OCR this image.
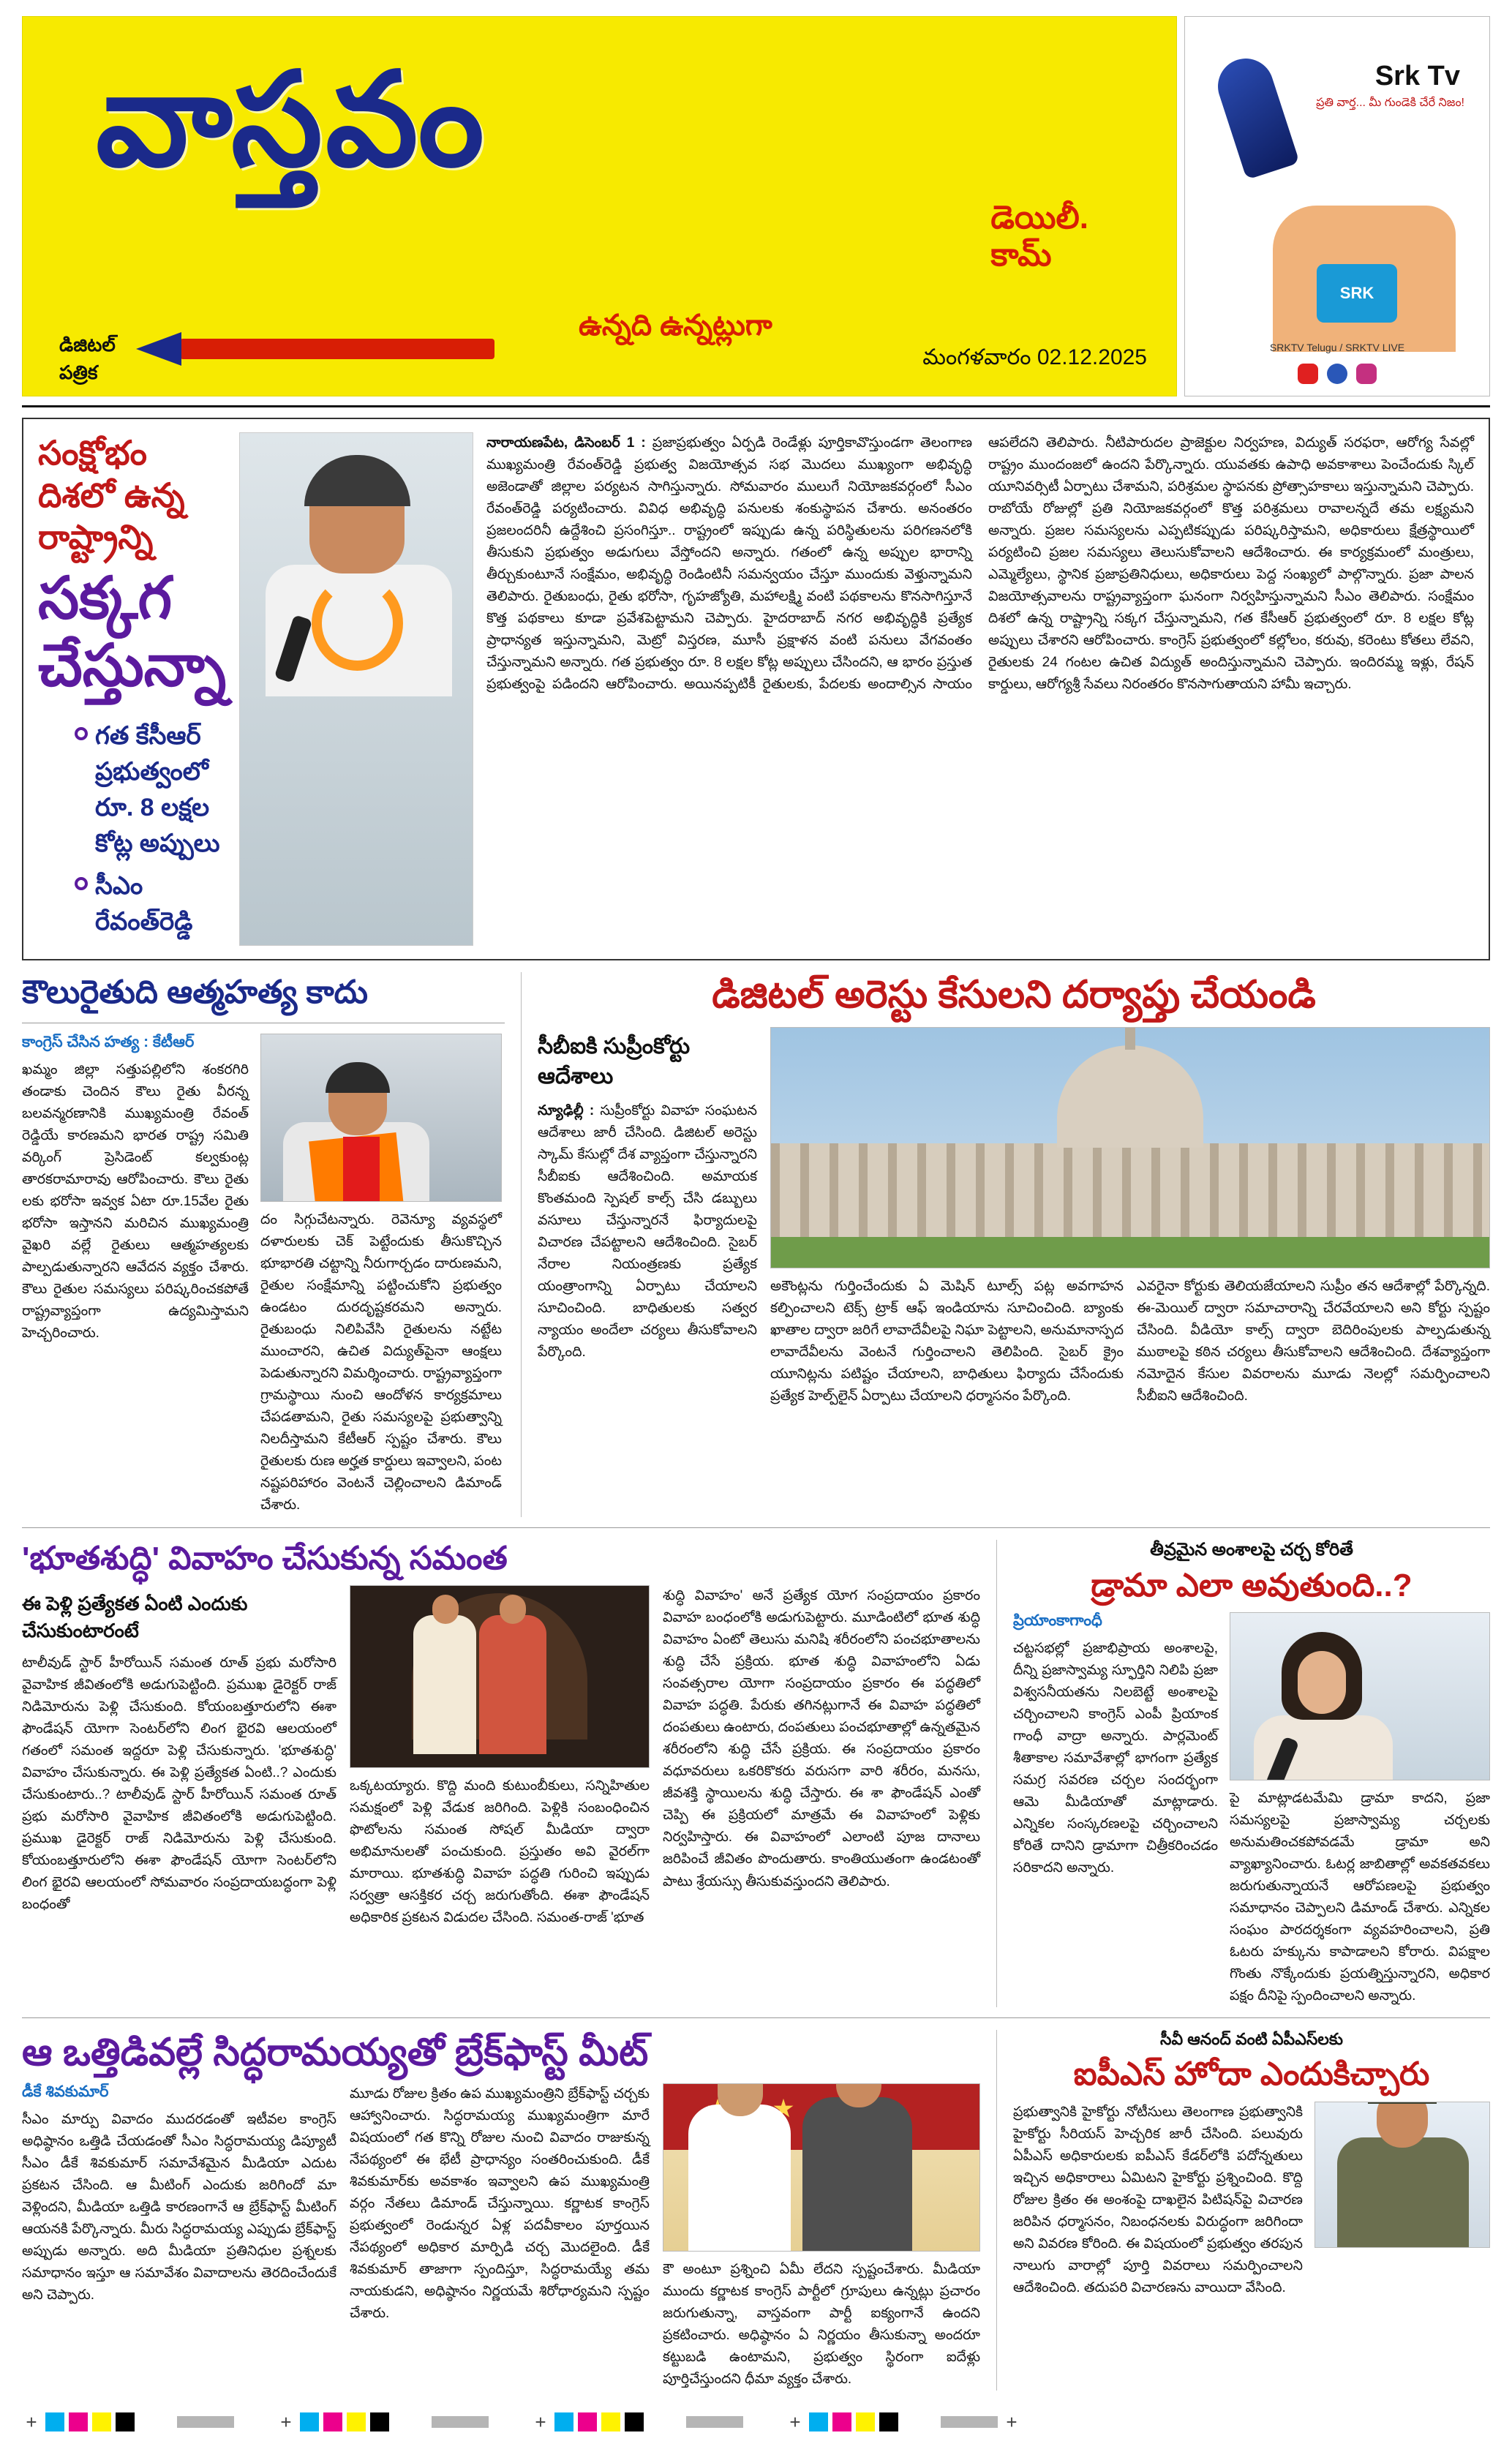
వాస్తవం
డెయిలీ.
కామ్
ఉన్నది ఉన్నట్లుగా
డిజిటల్
పత్రిక
మంగళవారం 02.12.2025
SRK
Srk Tv
ప్రతి వార్త... మీ గుండెకి చేరే నిజం!
SRKTV Telugu / SRKTV LIVE
సంక్షోభం దిశలో ఉన్న రాష్ట్రాన్ని
సక్కగ చేస్తున్నా
గత కేసీఆర్ ప్రభుత్వంలో రూ. 8 లక్షల కోట్ల అప్పులు
సీఎం రేవంత్‌రెడ్డి

నారాయణపేట, డిసెంబర్ 1 : ప్రజాప్రభుత్వం ఏర్పడి రెండేళ్లు పూర్తికావొస్తుండగా తెలంగాణ ముఖ్యమంత్రి రేవంత్‌రెడ్డి ప్రభుత్వ విజయోత్సవ సభ మొదలు ముఖ్యంగా అభివృద్ధి అజెండాతో జిల్లాల పర్యటన సాగిస్తున్నారు. సోమవారం ములుగే నియోజకవర్గంలో సీఎం రేవంత్‌రెడ్డి పర్యటించారు. వివిధ అభివృద్ధి పనులకు శంకుస్థాపన చేశారు. అనంతరం ప్రజలందరినీ ఉద్దేశించి ప్రసంగిస్తూ.. రాష్ట్రంలో ఇప్పుడు ఉన్న పరిస్థితులను పరిగణనలోకి తీసుకుని ప్రభుత్వం అడుగులు వేస్తోందని అన్నారు. గతంలో ఉన్న అప్పుల భారాన్ని తీర్చుకుంటూనే సంక్షేమం, అభివృద్ధి రెండింటినీ సమన్వయం చేస్తూ ముందుకు వెళ్తున్నామని తెలిపారు. రైతుబంధు, రైతు భరోసా, గృహజ్యోతి, మహాలక్ష్మి వంటి పథకాలను కొనసాగిస్తూనే కొత్త పథకాలు కూడా ప్రవేశపెట్టామని చెప్పారు. హైదరాబాద్ నగర అభివృద్ధికి ప్రత్యేక ప్రాధాన్యత ఇస్తున్నామని, మెట్రో విస్తరణ, మూసీ ప్రక్షాళన వంటి పనులు వేగవంతం చేస్తున్నామని అన్నారు. గత ప్రభుత్వం రూ. 8 లక్షల కోట్ల అప్పులు చేసిందని, ఆ భారం ప్రస్తుత ప్రభుత్వంపై పడిందని ఆరోపించారు. అయినప్పటికీ రైతులకు, పేదలకు అందాల్సిన సాయం ఆపలేదని తెలిపారు. నీటిపారుదల ప్రాజెక్టుల నిర్వహణ, విద్యుత్ సరఫరా, ఆరోగ్య సేవల్లో రాష్ట్రం ముందంజలో ఉందని పేర్కొన్నారు. యువతకు ఉపాధి అవకాశాలు పెంచేందుకు స్కిల్ యూనివర్సిటీ ఏర్పాటు చేశామని, పరిశ్రమల స్థాపనకు ప్రోత్సాహకాలు ఇస్తున్నామని చెప్పారు. రాబోయే రోజుల్లో ప్రతి నియోజకవర్గంలో కొత్త పరిశ్రమలు రావాలన్నదే తమ లక్ష్యమని అన్నారు. ప్రజల సమస్యలను ఎప్పటికప్పుడు పరిష్కరిస్తామని, అధికారులు క్షేత్రస్థాయిలో పర్యటించి ప్రజల సమస్యలు తెలుసుకోవాలని ఆదేశించారు. ఈ కార్యక్రమంలో మంత్రులు, ఎమ్మెల్యేలు, స్థానిక ప్రజాప్రతినిధులు, అధికారులు పెద్ద సంఖ్యలో పాల్గొన్నారు. ప్రజా పాలన విజయోత్సవాలను రాష్ట్రవ్యాప్తంగా ఘనంగా నిర్వహిస్తున్నామని సీఎం తెలిపారు. సంక్షేమం దిశలో ఉన్న రాష్ట్రాన్ని సక్కగ చేస్తున్నామని, గత కేసీఆర్ ప్రభుత్వంలో రూ. 8 లక్షల కోట్ల అప్పులు చేశారని ఆరోపించారు. కాంగ్రెస్ ప్రభుత్వంలో కల్లోలం, కరువు, కరెంటు కోతలు లేవని, రైతులకు 24 గంటల ఉచిత విద్యుత్ అందిస్తున్నామని చెప్పారు. ఇందిరమ్మ ఇళ్లు, రేషన్ కార్డులు, ఆరోగ్యశ్రీ సేవలు నిరంతరం కొనసాగుతాయని హామీ ఇచ్చారు.

కౌలురైతుది ఆత్మహత్య కాదు
కాంగ్రెస్ చేసిన హత్య : కేటీఆర్

ఖమ్మం జిల్లా సత్తుపల్లిలోని శంకరగిరి తండాకు చెందిన కౌలు రైతు వీరన్న బలవన్మరణానికి ముఖ్యమంత్రి రేవంత్ రెడ్డియే కారణమని భారత రాష్ట్ర సమితి వర్కింగ్ ప్రెసిడెంట్ కల్వకుంట్ల తారకరామారావు ఆరోపించారు. కౌలు రైతు లకు భరోసా ఇవ్వక ఏటా రూ.15వేల రైతు భరోసా ఇస్తానని మరిచిన ముఖ్యమంత్రి వైఖరి వల్లే రైతులు ఆత్మహత్యలకు పాల్పడుతున్నారని ఆవేదన వ్యక్తం చేశారు. కౌలు రైతుల సమస్యలు పరిష్కరించకపోతే రాష్ట్రవ్యాప్తంగా ఉద్యమిస్తామని హెచ్చరించారు.

దం సిగ్గుచేటన్నారు. రెవెన్యూ వ్యవస్థలో దళారులకు చెక్ పెట్టేందుకు తీసుకొచ్చిన భూభారతి చట్టాన్ని నీరుగార్చడం దారుణమని, రైతుల సంక్షేమాన్ని పట్టించుకోని ప్రభుత్వం ఉండటం దురదృష్టకరమని అన్నారు. రైతుబంధు నిలిపివేసి రైతులను నట్టేట ముంచారని, ఉచిత విద్యుత్‌పైనా ఆంక్షలు పెడుతున్నారని విమర్శించారు. రాష్ట్రవ్యాప్తంగా గ్రామస్థాయి నుంచి ఆందోళన కార్యక్రమాలు చేపడతామని, రైతు సమస్యలపై ప్రభుత్వాన్ని నిలదీస్తామని కేటీఆర్ స్పష్టం చేశారు. కౌలు రైతులకు రుణ అర్హత కార్డులు ఇవ్వాలని, పంట నష్టపరిహారం వెంటనే చెల్లించాలని డిమాండ్ చేశారు.

డిజిటల్ అరెస్టు కేసులని దర్యాప్తు చేయండి
సీబీఐకి సుప్రీంకోర్టు ఆదేశాలు

న్యూఢిల్లీ : సుప్రీంకోర్టు వివాహ సంఘటన ఆదేశాలు జారీ చేసింది. డిజిటల్ అరెస్టు స్కామ్ కేసుల్లో దేశ వ్యాప్తంగా చేస్తున్నారని సీబీఐకు ఆదేశించింది. అమాయక కొంతమంది స్పెషల్ కాల్స్ చేసి డబ్బులు వసూలు చేస్తున్నారనే ఫిర్యాదులపై విచారణ చేపట్టాలని ఆదేశించింది. సైబర్ నేరాల నియంత్రణకు ప్రత్యేక యంత్రాంగాన్ని ఏర్పాటు చేయాలని సూచించింది. బాధితులకు సత్వర న్యాయం అందేలా చర్యలు తీసుకోవాలని పేర్కొంది.

అకౌంట్లను గుర్తించేందుకు ఏ మెషిన్ టూల్స్ పట్ల అవగాహన కల్పించాలని టెక్స్ ట్రాక్ ఆఫ్ ఇండియాను సూచించింది. బ్యాంకు ఖాతాల ద్వారా జరిగే లావాదేవీలపై నిఘా పెట్టాలని, అనుమానాస్పద లావాదేవీలను వెంటనే గుర్తించాలని తెలిపింది. సైబర్ క్రైం యూనిట్లను పటిష్టం చేయాలని, బాధితులు ఫిర్యాదు చేసేందుకు ప్రత్యేక హెల్ప్‌లైన్ ఏర్పాటు చేయాలని ధర్మాసనం పేర్కొంది.

ఎవరైనా కోర్టుకు తెలియజేయాలని సుప్రీం తన ఆదేశాల్లో పేర్కొన్నది. ఈ-మెయిల్ ద్వారా సమాచారాన్ని చేరవేయాలని అని కోర్టు స్పష్టం చేసింది. వీడియో కాల్స్ ద్వారా బెదిరింపులకు పాల్పడుతున్న ముఠాలపై కఠిన చర్యలు తీసుకోవాలని ఆదేశించింది. దేశవ్యాప్తంగా నమోదైన కేసుల వివరాలను మూడు నెలల్లో సమర్పించాలని సీబీఐని ఆదేశించింది.

'భూతశుద్ధి' వివాహం చేసుకున్న సమంత
ఈ పెళ్లి ప్రత్యేకత ఏంటి ఎందుకు చేసుకుంటారంటే

టాలీవుడ్ స్టార్ హీరోయిన్ సమంత రూత్ ప్రభు మరోసారి వైవాహిక జీవితంలోకి అడుగుపెట్టింది. ప్రముఖ డైరెక్టర్ రాజ్ నిడిమోరును పెళ్లి చేసుకుంది. కోయంబత్తూరులోని ఈశా ఫౌండేషన్ యోగా సెంటర్‌లోని లింగ భైరవి ఆలయంలో గతంలో సమంత ఇద్దరూ పెళ్లి చేసుకున్నారు. 'భూతశుద్ధి' వివాహం చేసుకున్నారు. ఈ పెళ్లి ప్రత్యేకత ఏంటి..? ఎందుకు చేసుకుంటారు..? టాలీవుడ్ స్టార్ హీరోయిన్ సమంత రూత్ ప్రభు మరోసారి వైవాహిక జీవితంలోకి అడుగుపెట్టింది. ప్రముఖ డైరెక్టర్ రాజ్ నిడిమోరును పెళ్లి చేసుకుంది. కోయంబత్తూరులోని ఈశా ఫౌండేషన్ యోగా సెంటర్‌లోని లింగ భైరవి ఆలయంలో సోమవారం సంప్రదాయబద్ధంగా పెళ్లి బంధంతో

ఒక్కటయ్యారు. కొద్ది మంది కుటుంబీకులు, సన్నిహితుల సమక్షంలో పెళ్లి వేడుక జరిగింది. పెళ్లికి సంబంధించిన ఫొటోలను సమంత సోషల్ మీడియా ద్వారా అభిమానులతో పంచుకుంది. ప్రస్తుతం అవి వైరల్‌గా మారాయి. భూతశుద్ధి వివాహ పద్ధతి గురించి ఇప్పుడు సర్వత్రా ఆసక్తికర చర్చ జరుగుతోంది. ఈశా ఫౌండేషన్ అధికారిక ప్రకటన విడుదల చేసింది. సమంత-రాజ్ 'భూత

శుద్ధి వివాహం' అనే ప్రత్యేక యోగ సంప్రదాయం ప్రకారం వివాహ బంధంలోకి అడుగుపెట్టారు. మూడింటిలో భూత శుద్ధి వివాహం ఏంటో తెలుసు మనిషి శరీరంలోని పంచభూతాలను శుద్ధి చేసే ప్రక్రియ. భూత శుద్ధి వివాహంలోని ఏడు సంవత్సరాల యోగా సంప్రదాయం ప్రకారం ఈ పద్ధతిలో వివాహ పద్ధతి. పేరుకు తగినట్లుగానే ఈ వివాహ పద్ధతిలో దంపతులు ఉంటారు, దంపతులు పంచభూతాల్లో ఉన్నతమైన శరీరంలోని శుద్ధి చేసే ప్రక్రియ. ఈ సంప్రదాయం ప్రకారం వధూవరులు ఒకరికొకరు వరుసగా వారి శరీరం, మనసు, జీవశక్తి స్థాయిలను శుద్ధి చేస్తారు. ఈ శా ఫౌండేషన్ ఎంతో చెప్పి ఈ ప్రక్రియలో మాత్రమే ఈ వివాహంలో పెళ్లికు నిర్వహిస్తారు. ఈ వివాహంలో ఎలాంటి పూజ దానాలు జరిపించే జీవితం పొందుతారు. కాంతియుతంగా ఉండటంతో పాటు శ్రేయస్సు తీసుకువస్తుందని తెలిపారు.

తీవ్రమైన అంశాలపై చర్చ కోరితే
డ్రామా ఎలా అవుతుంది..?
ప్రియాంకాగాంధీ

చట్టసభల్లో ప్రజాభిప్రాయ అంశాలపై, దీన్ని ప్రజాస్వామ్య స్ఫూర్తిని నిలిపి ప్రజా విశ్వసనీయతను నిలబెట్టే అంశాలపై చర్చించాలని కాంగ్రెస్ ఎంపీ ప్రియాంక గాంధీ వాద్రా అన్నారు. పార్లమెంట్ శీతాకాల సమావేశాల్లో భాగంగా ప్రత్యేక సమగ్ర సవరణ చర్చల సందర్భంగా ఆమె మీడియాతో మాట్లాడారు. ఎన్నికల సంస్కరణలపై చర్చించాలని కోరితే దానిని డ్రామాగా చిత్రీకరించడం సరికాదని అన్నారు.

పై మాట్లాడటమేమి డ్రామా కాదని, ప్రజా సమస్యలపై ప్రజాస్వామ్య చర్చలకు అనుమతించకపోవడమే డ్రామా అని వ్యాఖ్యానించారు. ఓటర్ల జాబితాల్లో అవకతవకలు జరుగుతున్నాయనే ఆరోపణలపై ప్రభుత్వం సమాధానం చెప్పాలని డిమాండ్ చేశారు. ఎన్నికల సంఘం పారదర్శకంగా వ్యవహరించాలని, ప్రతి ఓటరు హక్కును కాపాడాలని కోరారు. విపక్షాల గొంతు నొక్కేందుకు ప్రయత్నిస్తున్నారని, అధికార పక్షం దీనిపై స్పందించాలని అన్నారు.

ఆ ఒత్తిడివల్లే సిద్ధరామయ్యతో బ్రేక్‌ఫాస్ట్ మీట్
డీకే శివకుమార్

సీఎం మార్పు వివాదం ముదరడంతో ఇటీవల కాంగ్రెస్ అధిష్ఠానం ఒత్తిడి చేయడంతో సీఎం సిద్ధరామయ్య డిప్యూటీ సీఎం డీకే శివకుమార్ సమావేశమైన మీడియా ఎదుట ప్రకటన చేసింది. ఆ మీటింగ్ ఎందుకు జరిగిందో మా వెళ్లిందని, మీడియా ఒత్తిడి కారణంగానే ఆ బ్రేక్‌ఫాస్ట్ మీటింగ్ ఆయనకి పేర్కొన్నారు. మీరు సిద్ధరామయ్య ఎప్పుడు బ్రేక్‌ఫాస్ట్ అప్పుడు అన్నారు. అది మీడియా ప్రతినిధుల ప్రశ్నలకు సమాధానం ఇస్తూ ఆ సమావేశం వివాదాలను తెరదించేందుకే అని చెప్పారు.

మూడు రోజుల క్రితం ఉప ముఖ్యమంత్రిని బ్రేక్‌ఫాస్ట్ చర్చకు ఆహ్వానించారు. సిద్ధరామయ్య ముఖ్యమంత్రిగా మారే విషయంలో గత కొన్ని రోజుల నుంచి వివాదం రాజుకున్న నేపథ్యంలో ఈ భేటీ ప్రాధాన్యం సంతరించుకుంది. డీకే శివకుమార్‌కు అవకాశం ఇవ్వాలని ఉప ముఖ్యమంత్రి వర్గం నేతలు డిమాండ్ చేస్తున్నాయి. కర్ణాటక కాంగ్రెస్ ప్రభుత్వంలో రెండున్నర ఏళ్ల పదవీకాలం పూర్తయిన నేపథ్యంలో అధికార మార్పిడి చర్చ మొదలైంది. డీకే శివకుమార్ తాజాగా స్పందిస్తూ, సిద్ధరామయ్యే తమ నాయకుడని, అధిష్ఠానం నిర్ణయమే శిరోధార్యమని స్పష్టం చేశారు.

కౌ అంటూ ప్రశ్నించి ఏమీ లేదని స్పష్టంచేశారు. మీడియా ముందు కర్ణాటక కాంగ్రెస్ పార్టీలో గ్రూపులు ఉన్నట్లు ప్రచారం జరుగుతున్నా, వాస్తవంగా పార్టీ ఐక్యంగానే ఉందని ప్రకటించారు. అధిష్ఠానం ఏ నిర్ణయం తీసుకున్నా అందరూ కట్టుబడి ఉంటామని, ప్రభుత్వం స్థిరంగా ఐదేళ్లు పూర్తిచేస్తుందని ధీమా వ్యక్తం చేశారు.

సీవీ ఆనంద్ వంటి ఏపీఎస్‌లకు
ఐపీఎస్ హోదా ఎందుకిచ్చారు

ప్రభుత్వానికి హైకోర్టు నోటీసులు తెలంగాణ ప్రభుత్వానికి హైకోర్టు సీరియస్ హెచ్చరిక జారీ చేసింది. పలువురు ఏపీఎస్ అధికారులకు ఐపీఎస్ కేడర్‌లోకి పదోన్నతులు ఇచ్చిన అధికారాలు ఏమిటని హైకోర్టు ప్రశ్నించింది. కొద్ది రోజుల క్రితం ఈ అంశంపై దాఖలైన పిటిషన్‌పై విచారణ జరిపిన ధర్మాసనం, నిబంధనలకు విరుద్ధంగా జరిగిందా అని వివరణ కోరింది. ఈ విషయంలో ప్రభుత్వం తరపున నాలుగు వారాల్లో పూర్తి వివరాలు సమర్పించాలని ఆదేశించింది. తదుపరి విచారణను వాయిదా వేసింది.

+	+	+	+	+
